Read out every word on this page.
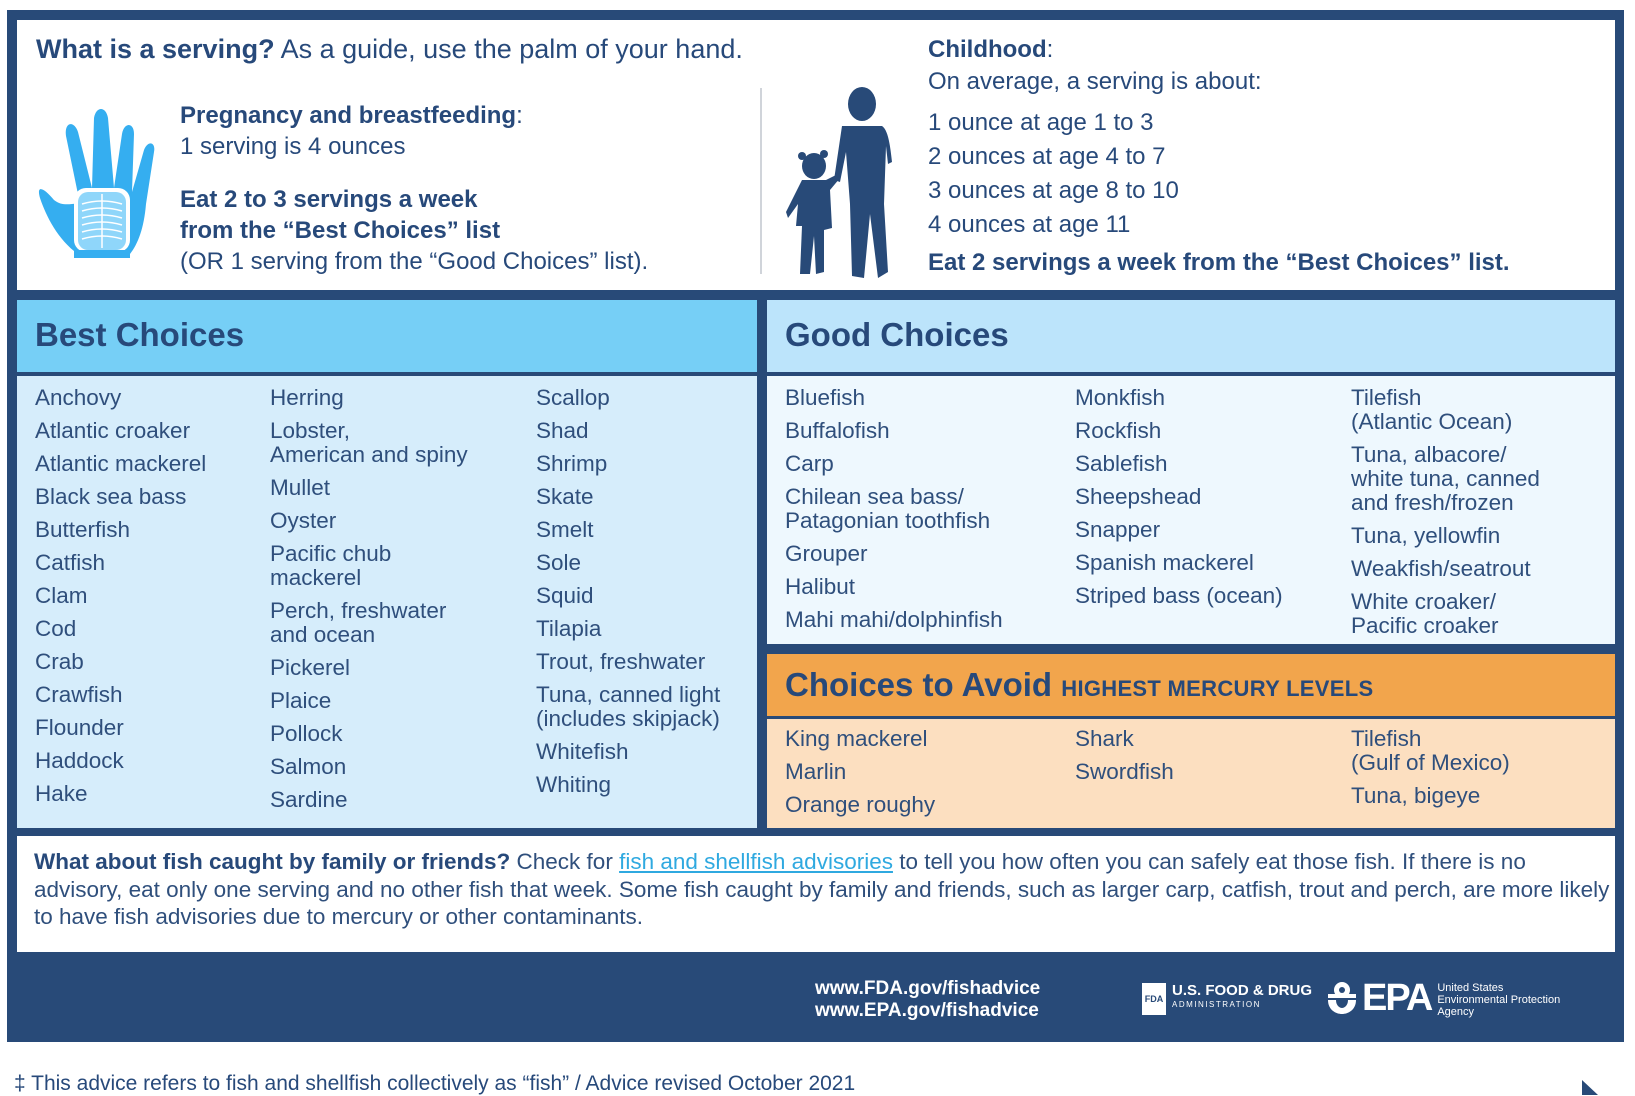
What is a serving? As a guide, use the palm of your hand.
Pregnancy and breastfeeding:
1 serving is 4 ounces
Eat 2 to 3 servings a week
from the “Best Choices” list
(OR 1 serving from the “Good Choices” list).
Childhood:
On average, a serving is about:
1 ounce at age 1 to 3
2 ounces at age 4 to 7
3 ounces at age 8 to 10
4 ounces at age 11
Eat 2 servings a week from the “Best Choices” list.
Best Choices
Anchovy
Atlantic croaker
Atlantic mackerel
Black sea bass
Butterfish
Catfish
Clam
Cod
Crab
Crawfish
Flounder
Haddock
Hake
Herring
Lobster,
American and spiny
Mullet
Oyster
Pacific chub
mackerel
Perch, freshwater
and ocean
Pickerel
Plaice
Pollock
Salmon
Sardine
Scallop
Shad
Shrimp
Skate
Smelt
Sole
Squid
Tilapia
Trout, freshwater
Tuna, canned light
(includes skipjack)
Whitefish
Whiting
Good Choices
Bluefish
Buffalofish
Carp
Chilean sea bass/
Patagonian toothfish
Grouper
Halibut
Mahi mahi/dolphinfish
Monkfish
Rockfish
Sablefish
Sheepshead
Snapper
Spanish mackerel
Striped bass (ocean)
Tilefish
(Atlantic Ocean)
Tuna, albacore/
white tuna, canned
and fresh/frozen
Tuna, yellowfin
Weakfish/seatrout
White croaker/
Pacific croaker
Choices to Avoid HIGHEST MERCURY LEVELS
King mackerel
Marlin
Orange roughy
Shark
Swordfish
Tilefish
(Gulf of Mexico)
Tuna, bigeye
What about fish caught by family or friends? Check for fish and shellfish advisories to tell you how often you can safely eat those fish. If there is no advisory, eat only one serving and no other fish that week. Some fish caught by family and friends, such as larger carp, catfish, trout and perch, are more likely to have fish advisories due to mercury or other contaminants.
www.FDA.gov/fishadvice
www.EPA.gov/fishadvice
FDA U.S. FOOD & DRUG
ADMINISTRATION	EPA United States
Environmental Protection
Agency
‡ This advice refers to fish and shellfish collectively as “fish” / Advice revised October 2021
